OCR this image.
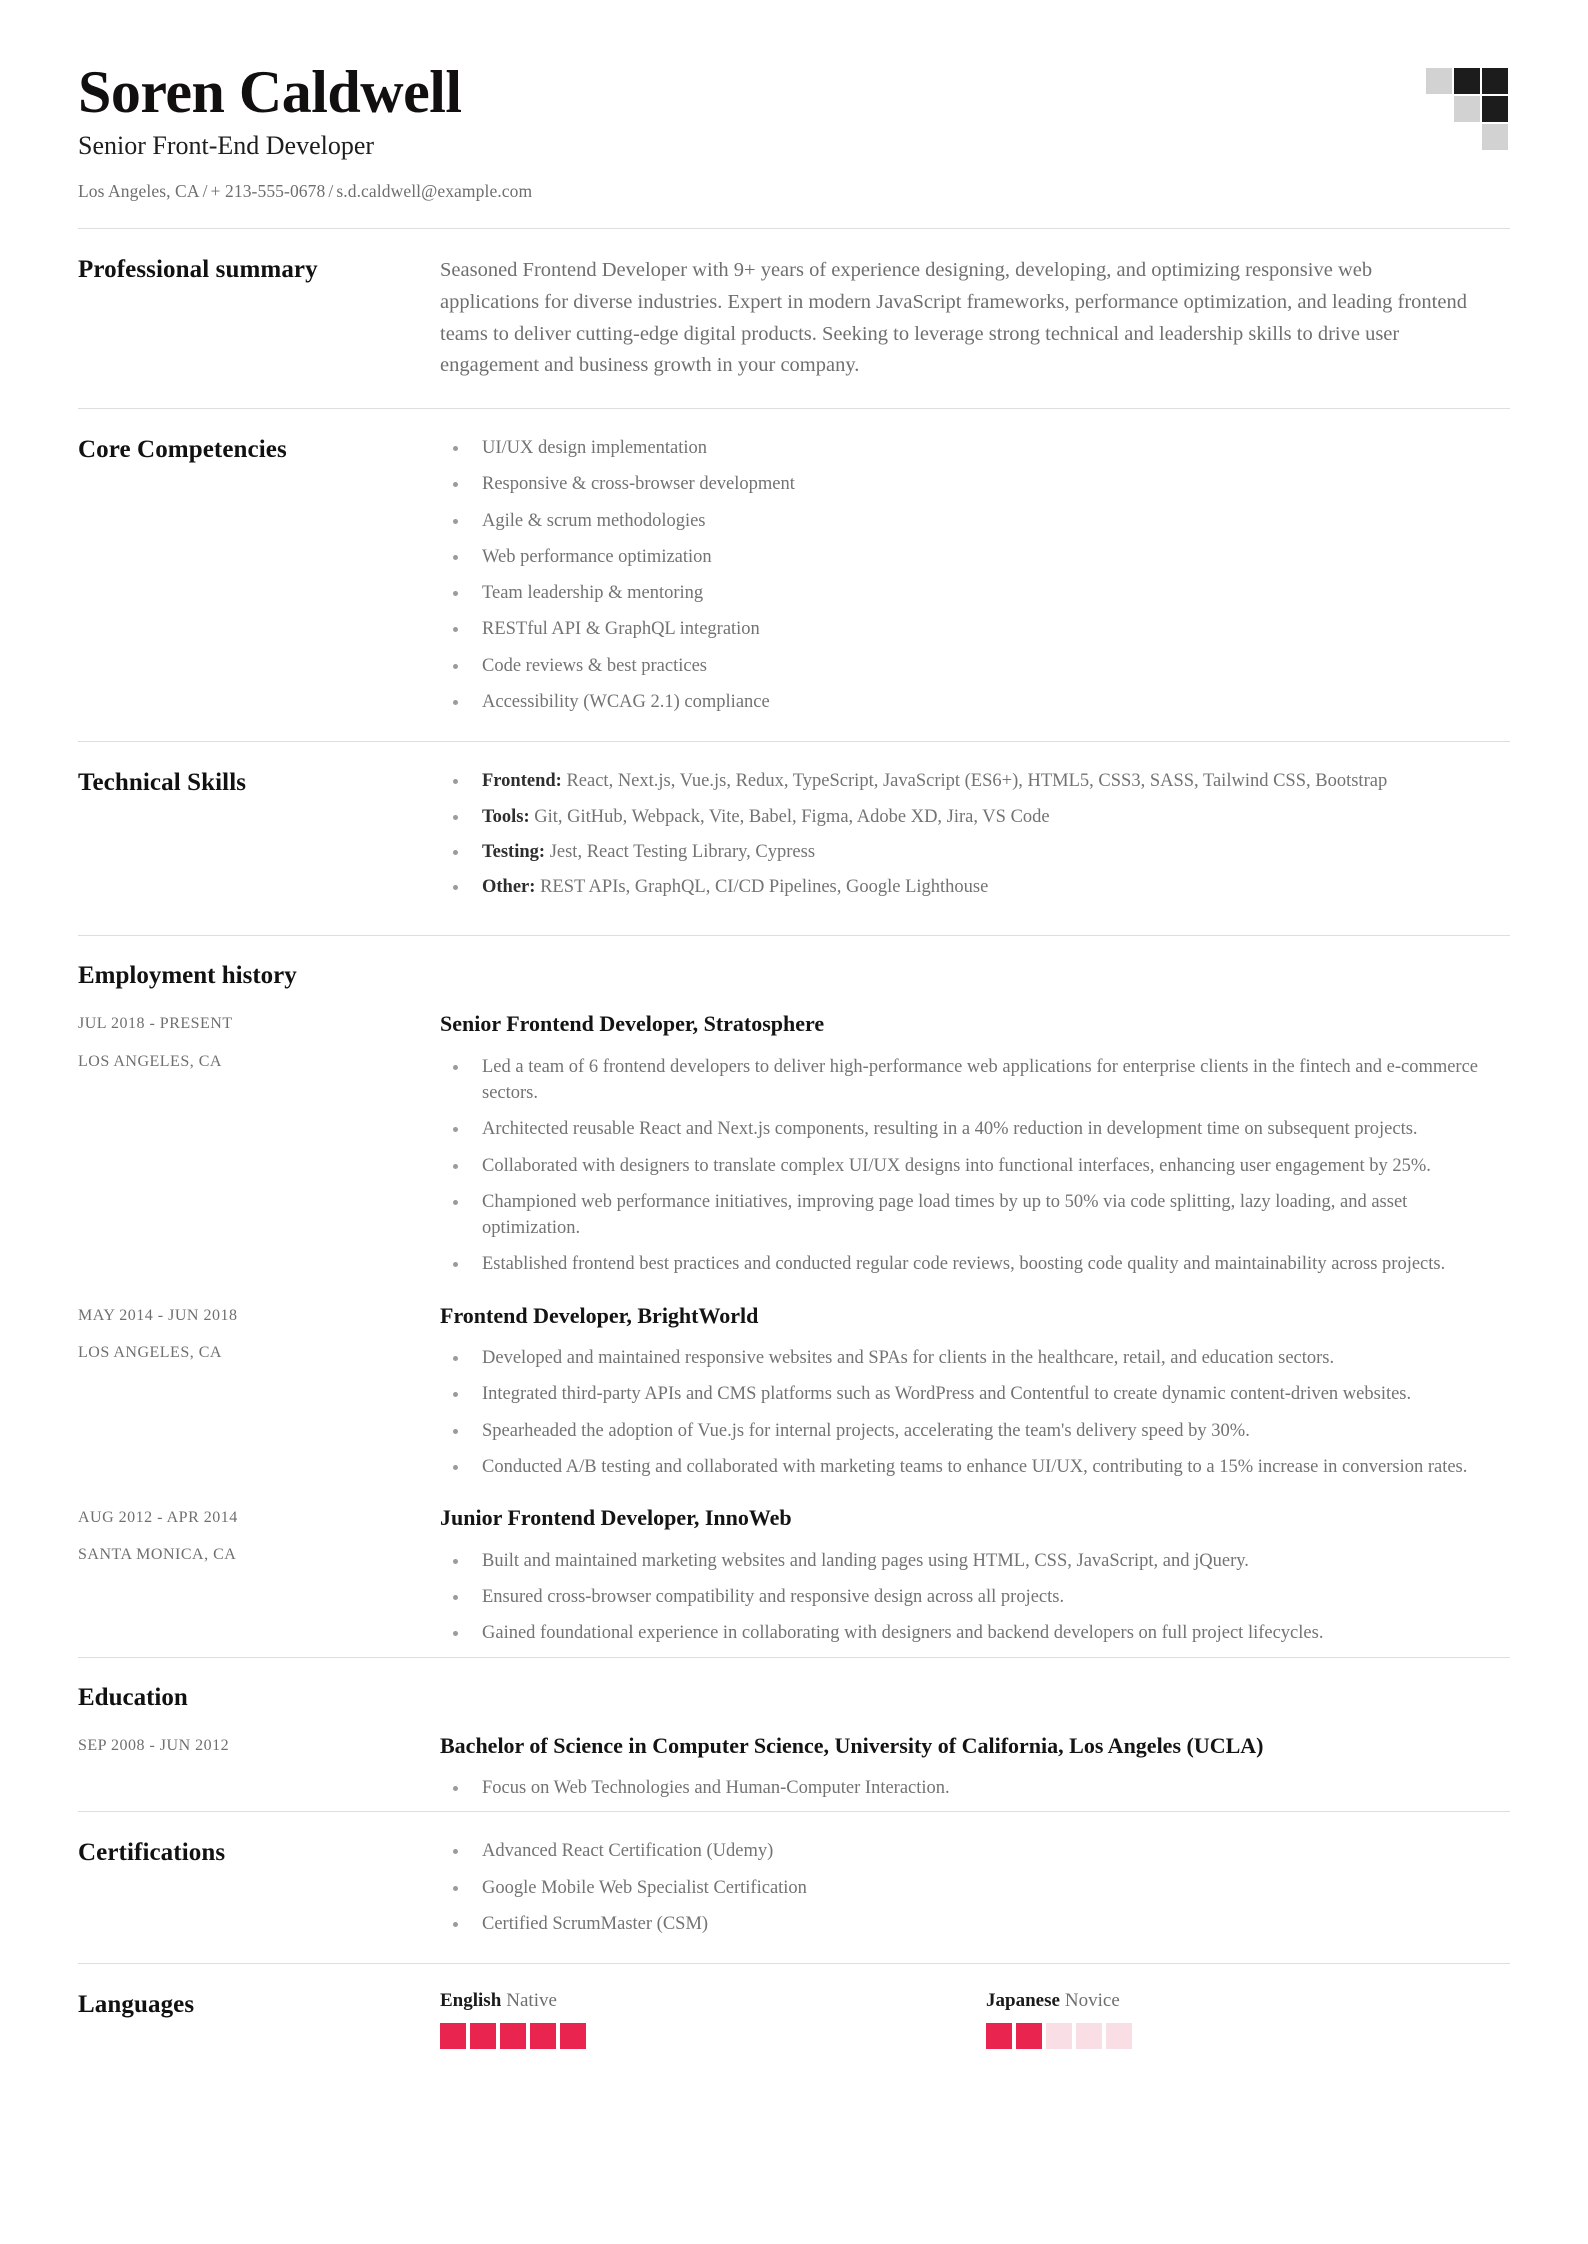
Soren Caldwell
Senior Front-End Developer
Los Angeles, CA / + 213-555-0678 / s.d.caldwell@example.com
Professional summary	Seasoned Frontend Developer with 9+ years of experience designing, developing, and optimizing responsive web applications for diverse industries. Expert in modern JavaScript frameworks, performance optimization, and leading frontend teams to deliver cutting-edge digital products. Seeking to leverage strong technical and leadership skills to drive user engagement and business growth in your company.

Core Competencies	UI/UX design implementation
Responsive & cross-browser development
Agile & scrum methodologies
Web performance optimization
Team leadership & mentoring
RESTful API & GraphQL integration
Code reviews & best practices
Accessibility (WCAG 2.1) compliance
Technical Skills	Frontend: React, Next.js, Vue.js, Redux, TypeScript, JavaScript (ES6+), HTML5, CSS3, SASS, Tailwind CSS, Bootstrap
Tools: Git, GitHub, Webpack, Vite, Babel, Figma, Adobe XD, Jira, VS Code
Testing: Jest, React Testing Library, Cypress
Other: REST APIs, GraphQL, CI/CD Pipelines, Google Lighthouse
Employment history
JUL 2018 - PRESENT
LOS ANGELES, CA
Senior Frontend Developer, Stratosphere
Led a team of 6 frontend developers to deliver high-performance web applications for enterprise clients in the fintech and e-commerce sectors.
Architected reusable React and Next.js components, resulting in a 40% reduction in development time on subsequent projects.
Collaborated with designers to translate complex UI/UX designs into functional interfaces, enhancing user engagement by 25%.
Championed web performance initiatives, improving page load times by up to 50% via code splitting, lazy loading, and asset optimization.
Established frontend best practices and conducted regular code reviews, boosting code quality and maintainability across projects.
MAY 2014 - JUN 2018
LOS ANGELES, CA
Frontend Developer, BrightWorld
Developed and maintained responsive websites and SPAs for clients in the healthcare, retail, and education sectors.
Integrated third-party APIs and CMS platforms such as WordPress and Contentful to create dynamic content-driven websites.
Spearheaded the adoption of Vue.js for internal projects, accelerating the team's delivery speed by 30%.
Conducted A/B testing and collaborated with marketing teams to enhance UI/UX, contributing to a 15% increase in conversion rates.
AUG 2012 - APR 2014
SANTA MONICA, CA
Junior Frontend Developer, InnoWeb
Built and maintained marketing websites and landing pages using HTML, CSS, JavaScript, and jQuery.
Ensured cross-browser compatibility and responsive design across all projects.
Gained foundational experience in collaborating with designers and backend developers on full project lifecycles.
Education
SEP 2008 - JUN 2012	Bachelor of Science in Computer Science, University of California, Los Angeles (UCLA)
Focus on Web Technologies and Human-Computer Interaction.
Certifications	Advanced React Certification (Udemy)
Google Mobile Web Specialist Certification
Certified ScrumMaster (CSM)
Languages	English Native	Japanese Novice
